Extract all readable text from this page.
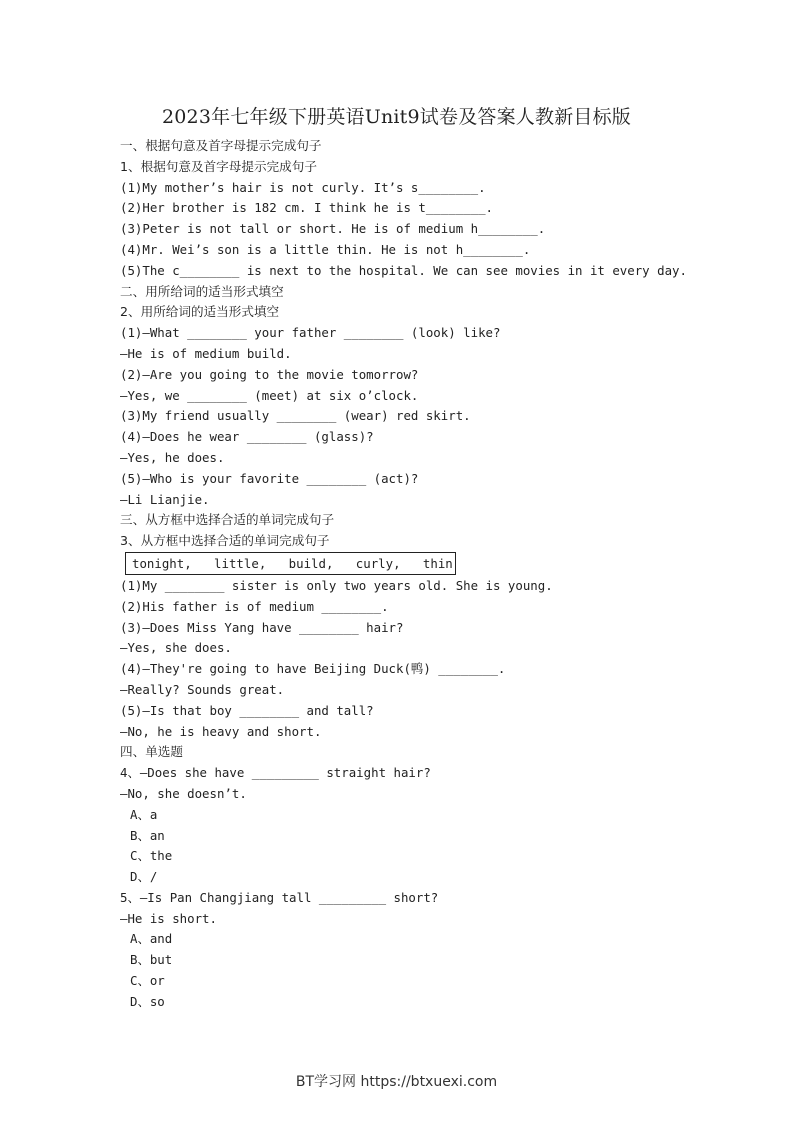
2023年七年级下册英语Unit9试卷及答案人教新目标版
一、根据句意及首字母提示完成句子
1、根据句意及首字母提示完成句子
(1)My mother’s hair is not curly. It’s s________.
(2)Her brother is 182 cm. I think he is t________.
(3)Peter is not tall or short. He is of medium h________.
(4)Mr. Wei’s son is a little thin. He is not h________.
(5)The c________ is next to the hospital. We can see movies in it every day.
二、用所给词的适当形式填空
2、用所给词的适当形式填空
(1)—What ________ your father ________ (look) like?
—He is of medium build.
(2)—Are you going to the movie tomorrow?
—Yes, we ________ (meet) at six o’clock.
(3)My friend usually ________ (wear) red skirt.
(4)—Does he wear ________ (glass)?
—Yes, he does.
(5)—Who is your favorite ________ (act)?
—Li Lianjie.
三、从方框中选择合适的单词完成句子
3、从方框中选择合适的单词完成句子
tonight,   little,   build,   curly,   thin
(1)My ________ sister is only two years old. She is young.
(2)His father is of medium ________.
(3)—Does Miss Yang have ________ hair?
—Yes, she does.
(4)—They're going to have Beijing Duck(鸭) ________.
—Really? Sounds great.
(5)—Is that boy ________ and tall?
—No, he is heavy and short.
四、单选题
4、—Does she have _________ straight hair?
—No, she doesn’t.
A、a
B、an
C、the
D、/
5、—Is Pan Changjiang tall _________ short?
—He is short.
A、and
B、but
C、or
D、so
BT学习网 https://btxuexi.com
